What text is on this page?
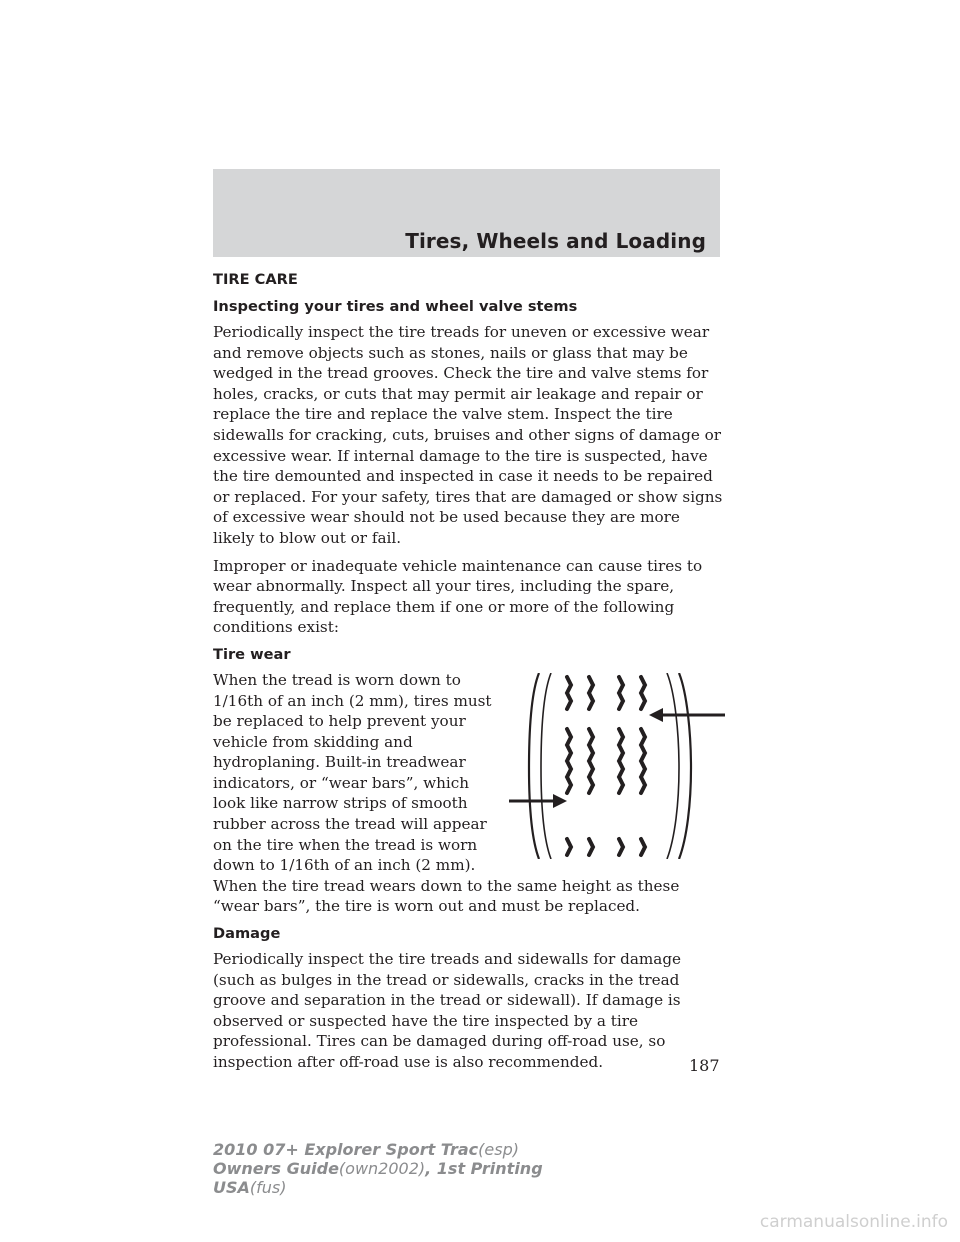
Tires, Wheels and Loading
TIRE CARE
Inspecting your tires and wheel valve stems

Periodically inspect the tire treads for uneven or excessive wear and remove objects such as stones, nails or glass that may be wedged in the tread grooves. Check the tire and valve stems for holes, cracks, or cuts that may permit air leakage and repair or replace the tire and replace the valve stem. Inspect the tire sidewalls for cracking, cuts, bruises and other signs of damage or excessive wear. If internal damage to the tire is suspected, have the tire demounted and inspected in case it needs to be repaired or replaced. For your safety, tires that are damaged or show signs of excessive wear should not be used because they are more likely to blow out or fail.

Improper or inadequate vehicle maintenance can cause tires to wear abnormally. Inspect all your tires, including the spare, frequently, and replace them if one or more of the following conditions exist:

Tire wear

When the tread is worn down to 1/16th of an inch (2 mm), tires must be replaced to help prevent your vehicle from skidding and hydroplaning. Built-in treadwear indicators, or “wear bars”, which look like narrow strips of smooth rubber across the tread will appear on the tire when the tread is worn down to 1/16th of an inch (2 mm). When the tire tread wears down to the same height as these “wear bars”, the tire is worn out and must be replaced.

Damage

Periodically inspect the tire treads and sidewalls for damage (such as bulges in the tread or sidewalls, cracks in the tread groove and separation in the tread or sidewall). If damage is observed or suspected have the tire inspected by a tire professional. Tires can be damaged during off-road use, so inspection after off-road use is also recommended.	187
2010 07+ Explorer Sport Trac(esp)
Owners Guide(own2002), 1st Printing
USA(fus)
carmanualsonline.info
